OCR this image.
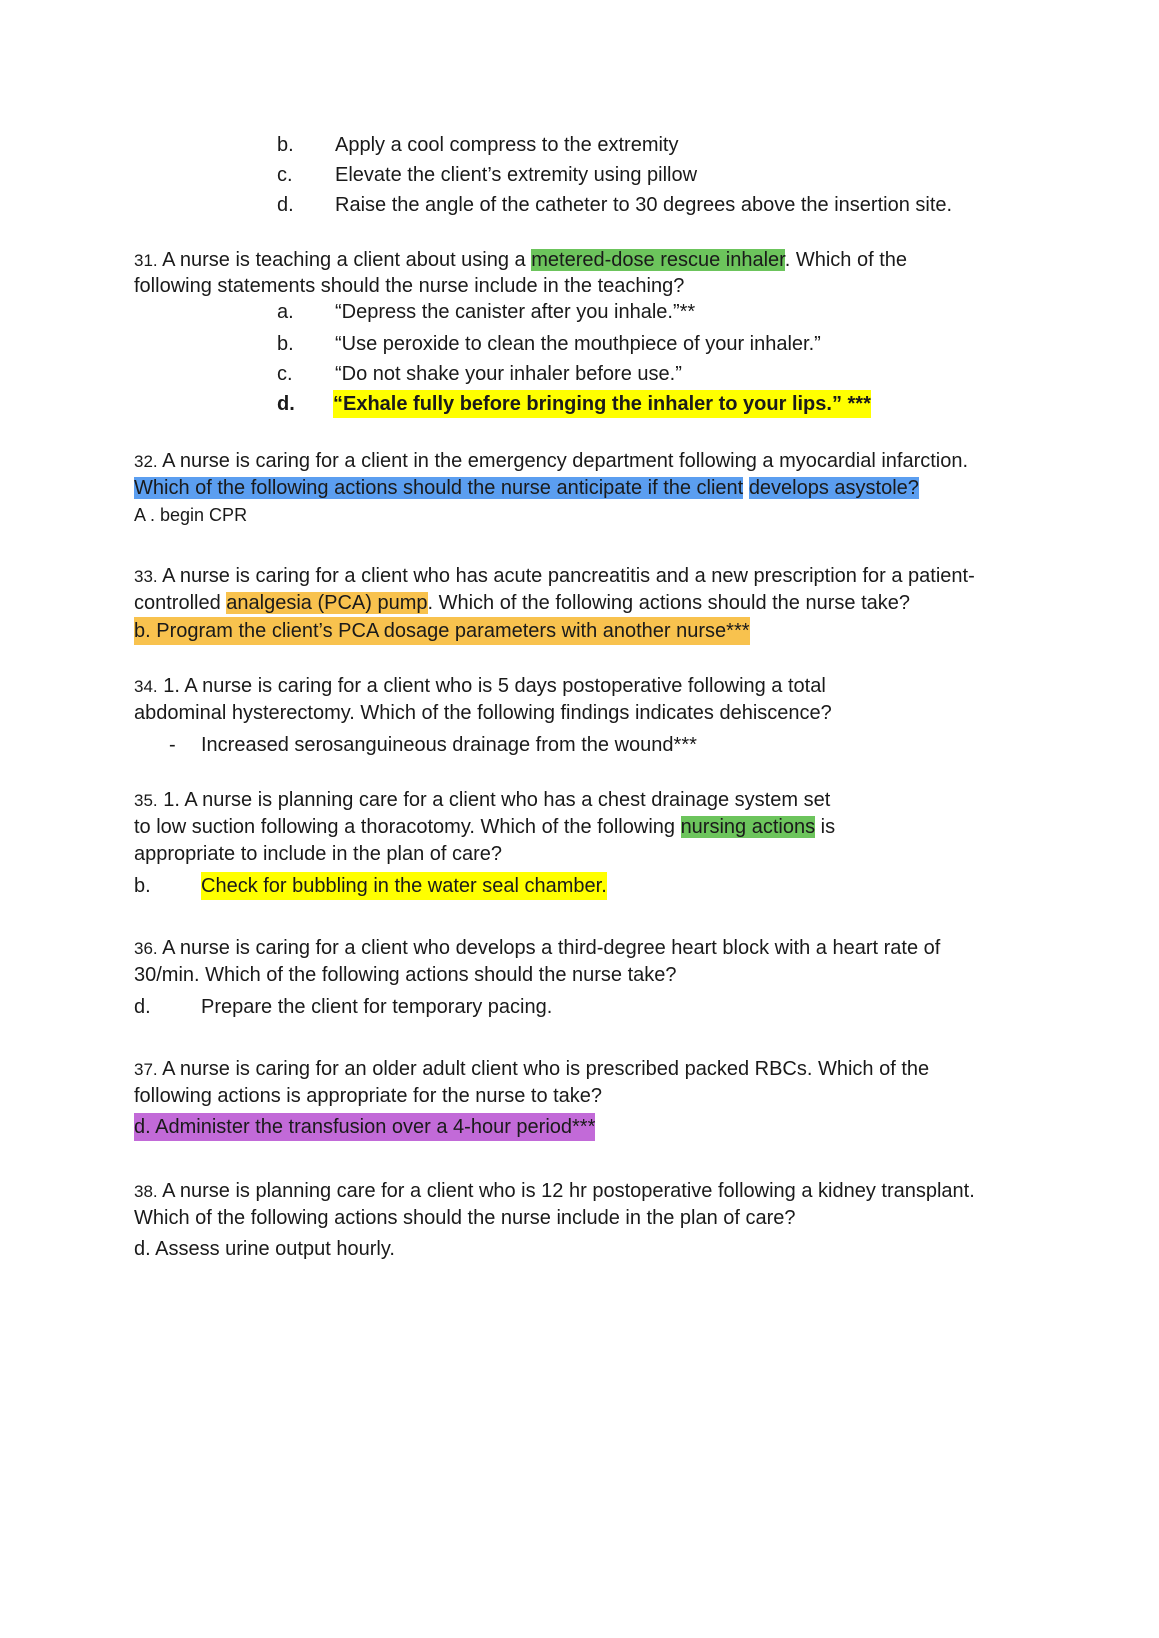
b. Apply a cool compress to the extremity
c. Elevate the client’s extremity using pillow
d. Raise the angle of the catheter to 30 degrees above the insertion site.
31. A nurse is teaching a client about using a metered-dose rescue inhaler. Which of the
following statements should the nurse include in the teaching?
a. “Depress the canister after you inhale.”**
b. “Use peroxide to clean the mouthpiece of your inhaler.”
c. “Do not shake your inhaler before use.”
d. “Exhale fully before bringing the inhaler to your lips.” ***
32. A nurse is caring for a client in the emergency department following a myocardial infarction.
Which of the following actions should the nurse anticipate if the client develops asystole?
A . begin CPR
33. A nurse is caring for a client who has acute pancreatitis and a new prescription for a patient-
controlled analgesia (PCA) pump. Which of the following actions should the nurse take?
b. Program the client’s PCA dosage parameters with another nurse***
34. 1. A nurse is caring for a client who is 5 days postoperative following a total
abdominal hysterectomy. Which of the following findings indicates dehiscence?
- Increased serosanguineous drainage from the wound***
35. 1. A nurse is planning care for a client who has a chest drainage system set
to low suction following a thoracotomy. Which of the following nursing actions is
appropriate to include in the plan of care?
b.	Check for bubbling in the water seal chamber.
36. A nurse is caring for a client who develops a third-degree heart block with a heart rate of
30/min. Which of the following actions should the nurse take?
d.	Prepare the client for temporary pacing.
37. A nurse is caring for an older adult client who is prescribed packed RBCs. Which of the
following actions is appropriate for the nurse to take?
d. Administer the transfusion over a 4-hour period***
38. A nurse is planning care for a client who is 12 hr postoperative following a kidney transplant.
Which of the following actions should the nurse include in the plan of care?
d. Assess urine output hourly.
